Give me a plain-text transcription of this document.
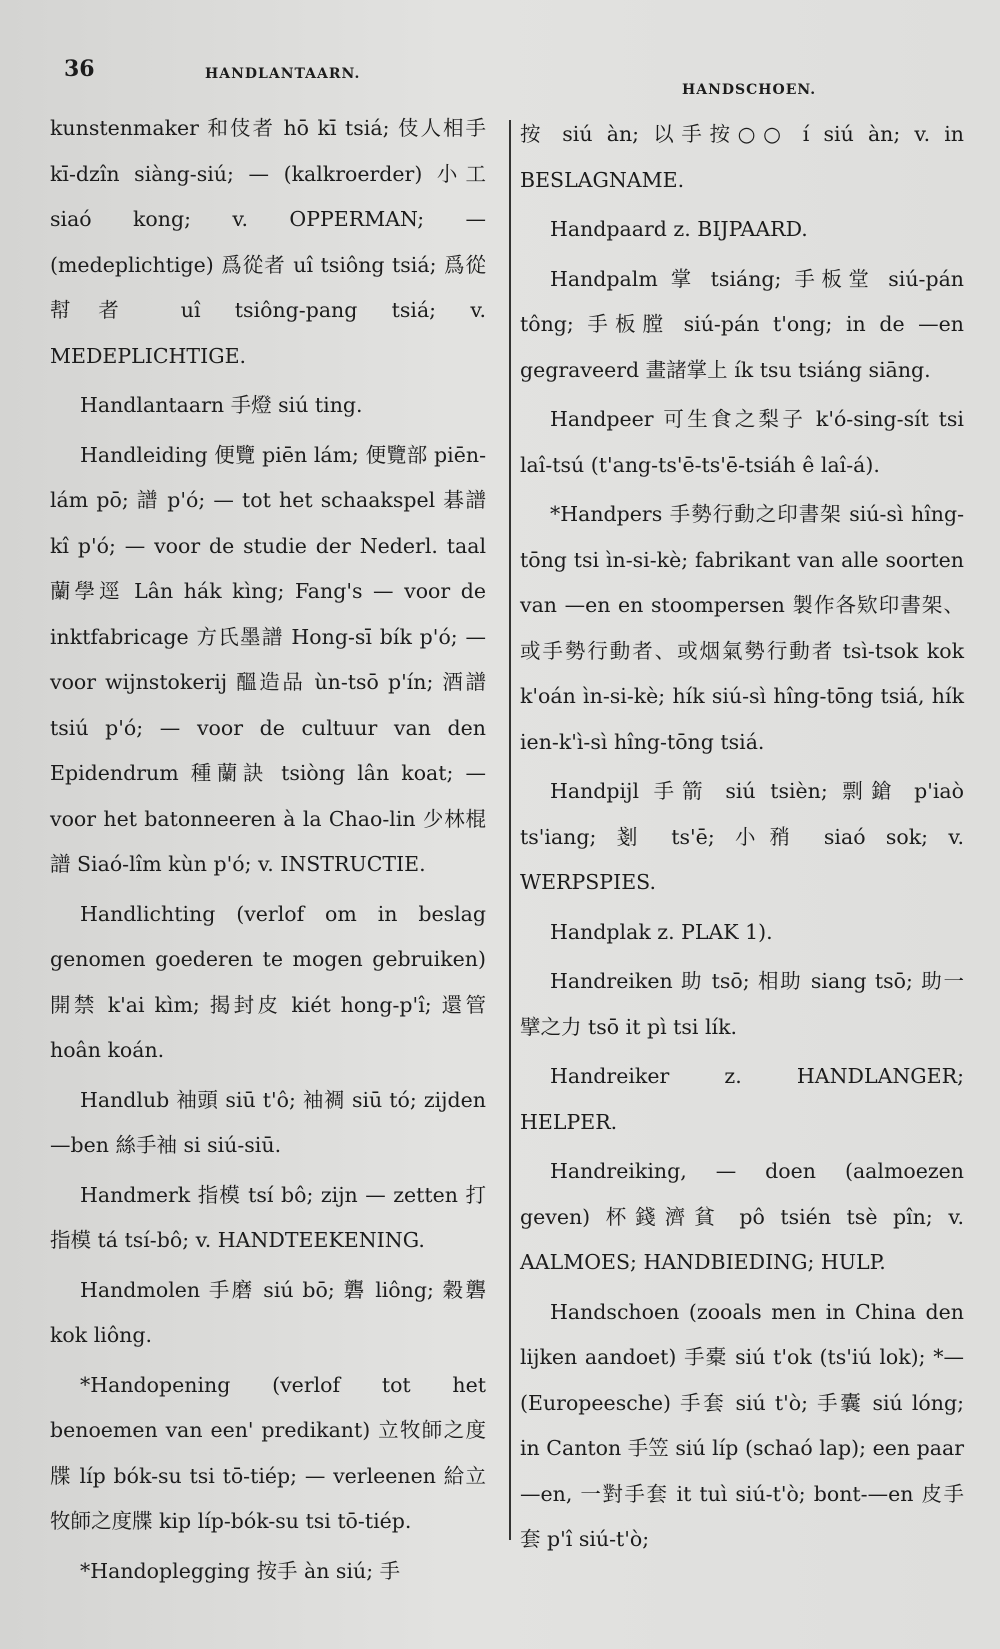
36	HANDLANTAARN.
HANDSCHOEN.

kunstenmaker 和伎者 hō kī tsiá; 伎人相手 kī-dzîn siàng-siú; — (kalkroerder) 小工 siaó kong; v. OPPERMAN; — (medeplichtige) 爲從者 uî tsiông tsiá; 爲從幇者 uî tsiông-pang tsiá; v. MEDEPLICHTIGE.

Handlantaarn 手燈 siú ting.

Handleiding 便覽 piēn lám; 便覽部 piēn-lám pō; 譜 p'ó; — tot het schaakspel 碁譜 kî p'ó; — voor de studie der Nederl. taal 蘭學逕 Lân hák kìng; Fang's — voor de inktfabricage 方氏墨譜 Hong-sī bík p'ó; — voor wijnstokerij 醞造品 ùn-tsō p'ín; 酒譜 tsiú p'ó; — voor de cultuur van den Epidendrum 種蘭訣 tsiòng lân koat; — voor het batonneeren à la Chao-lin 少林棍譜 Siaó-lîm kùn p'ó; v. INSTRUCTIE.

Handlichting (verlof om in beslag genomen goederen te mogen gebruiken) 開禁 k'ai kìm; 揭封皮 kiét hong-p'î; 還管 hoân koán.

Handlub 袖頭 siū t'ô; 袖裯 siū tó; zijden —ben 絲手袖 si siú-siū.

Handmerk 指模 tsí bô; zijn — zetten 打指模 tá tsí-bô; v. HANDTEEKENING.

Handmolen 手磨 siú bō; 礱 liông; 穀礱 kok liông.

*Handopening (verlof tot het benoemen van een' predikant) 立牧師之度牒 líp bók-su tsi tō-tiép; — verleenen 給立牧師之度牒 kip líp-bók-su tsi tō-tiép.

*Handoplegging 按手 àn siú; 手

按 siú àn; 以手按○○ í siú àn; v. in BESLAGNAME.

Handpaard z. BIJPAARD.

Handpalm 掌 tsiáng; 手板堂 siú-pán tông; 手板膛 siú-pán t'ong; in de —en gegraveerd 畫諸掌上 ík tsu tsiáng siāng.

Handpeer 可生食之梨子 k'ó-sing-sít tsi laî-tsú (t'ang-ts'ē-ts'ē-tsiáh ê laî-á).

*Handpers 手勢行動之印書架 siú-sì hîng-tōng tsi ìn-si-kè; fabrikant van alle soorten van —en en stoompersen 製作各欵印書架、或手勢行動者、或烟氣勢行動者 tsì-tsok kok k'oán ìn-si-kè; hík siú-sì hîng-tōng tsiá, hík ien-k'ì-sì hîng-tōng tsiá.

Handpijl 手箭 siú tsièn; 剽鎗 p'iaò ts'iang; 剗 ts'ē; 小矟 siaó sok; v. WERPSPIES.

Handplak z. PLAK 1).

Handreiken 助 tsō; 相助 siang tsō; 助一擘之力 tsō it pì tsi lík.

Handreiker z. HANDLANGER; HELPER.

Handreiking, — doen (aalmoezen geven) 杯錢濟貧 pô tsién tsè pîn; v. AALMOES; HANDBIEDING; HULP.

Handschoen (zooals men in China den lijken aandoet) 手橐 siú t'ok (ts'iú lok); *— (Europeesche) 手套 siú t'ò; 手囊 siú lóng; in Canton 手笠 siú líp (schaó lap); een paar —en, 一對手套 it tuì siú-t'ò; bont-—en 皮手套 p'î siú-t'ò;
